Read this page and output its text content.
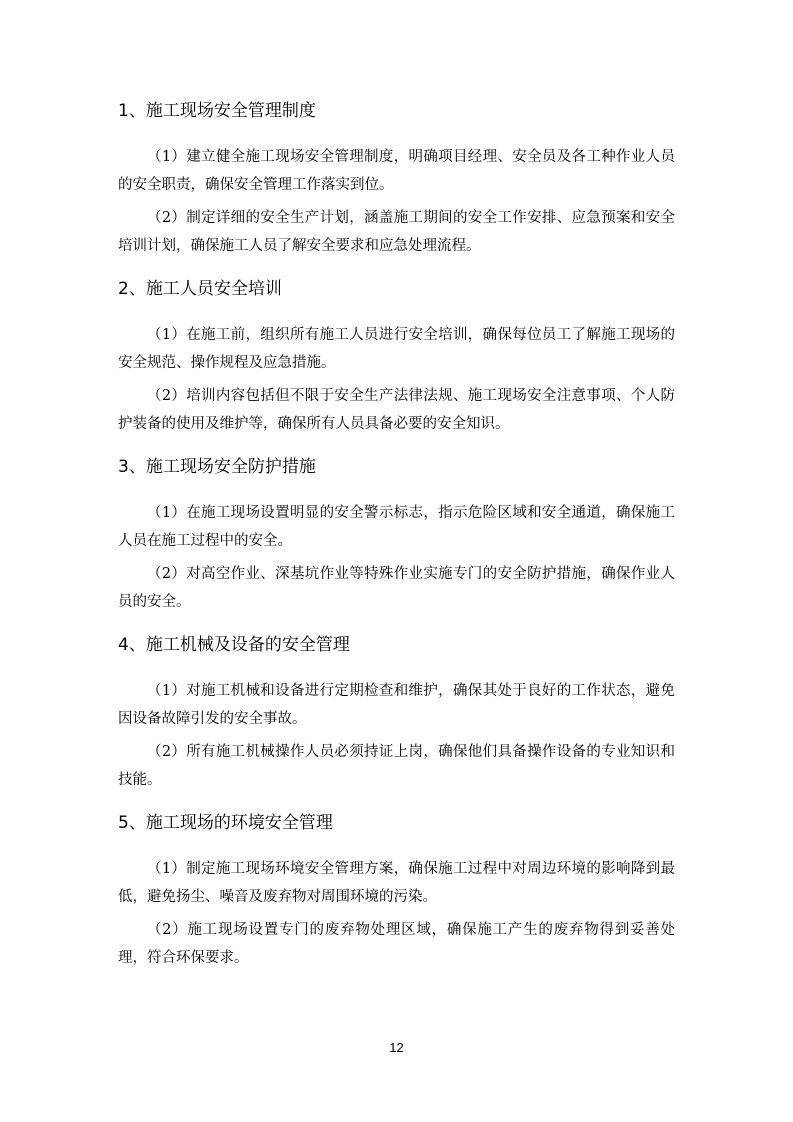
1、施工现场安全管理制度

（1）建立健全施工现场安全管理制度，明确项目经理、安全员及各工种作业人员的安全职责，确保安全管理工作落实到位。

（2）制定详细的安全生产计划，涵盖施工期间的安全工作安排、应急预案和安全培训计划，确保施工人员了解安全要求和应急处理流程。

2、施工人员安全培训

（1）在施工前，组织所有施工人员进行安全培训，确保每位员工了解施工现场的安全规范、操作规程及应急措施。

（2）培训内容包括但不限于安全生产法律法规、施工现场安全注意事项、个人防护装备的使用及维护等，确保所有人员具备必要的安全知识。

3、施工现场安全防护措施

（1）在施工现场设置明显的安全警示标志，指示危险区域和安全通道，确保施工人员在施工过程中的安全。

（2）对高空作业、深基坑作业等特殊作业实施专门的安全防护措施，确保作业人员的安全。

4、施工机械及设备的安全管理

（1）对施工机械和设备进行定期检查和维护，确保其处于良好的工作状态，避免因设备故障引发的安全事故。

（2）所有施工机械操作人员必须持证上岗，确保他们具备操作设备的专业知识和技能。

5、施工现场的环境安全管理

（1）制定施工现场环境安全管理方案，确保施工过程中对周边环境的影响降到最低，避免扬尘、噪音及废弃物对周围环境的污染。

（2）施工现场设置专门的废弃物处理区域，确保施工产生的废弃物得到妥善处理，符合环保要求。

12
